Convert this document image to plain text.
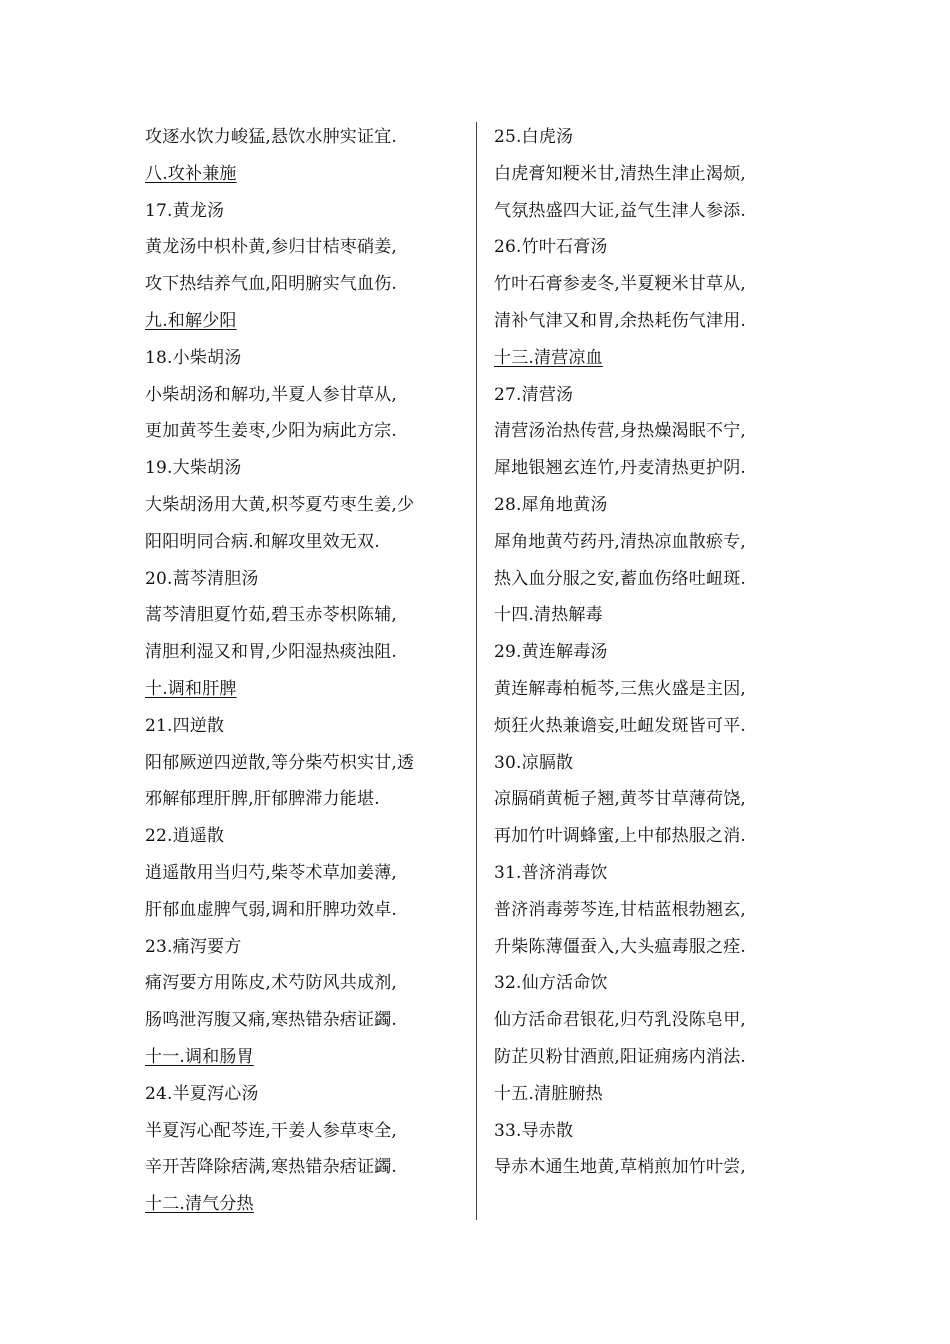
攻逐水饮力峻猛,悬饮水肿实证宜.
八.攻补兼施
17.黄龙汤
黄龙汤中枳朴黄,参归甘桔枣硝姜,
攻下热结养气血,阳明腑实气血伤.
九.和解少阳
18.小柴胡汤
小柴胡汤和解功,半夏人参甘草从,
更加黄芩生姜枣,少阳为病此方宗.
19.大柴胡汤
大柴胡汤用大黄,枳芩夏芍枣生姜,少
阳阳明同合病.和解攻里效无双.
20.蒿芩清胆汤
蒿芩清胆夏竹茹,碧玉赤苓枳陈辅,
清胆利湿又和胃,少阳湿热痰浊阻.
十.调和肝脾
21.四逆散
阳郁厥逆四逆散,等分柴芍枳实甘,透
邪解郁理肝脾,肝郁脾滞力能堪.
22.逍遥散
逍遥散用当归芍,柴苓术草加姜薄,
肝郁血虚脾气弱,调和肝脾功效卓.
23.痛泻要方
痛泻要方用陈皮,术芍防风共成剂,
肠鸣泄泻腹又痛,寒热错杂痞证蠲.
十一.调和肠胃
24.半夏泻心汤
半夏泻心配芩连,干姜人参草枣全,
辛开苦降除痞满,寒热错杂痞证蠲.
十二.清气分热
25.白虎汤
白虎膏知粳米甘,清热生津止渴烦,
气氛热盛四大证,益气生津人参添.
26.竹叶石膏汤
竹叶石膏参麦冬,半夏粳米甘草从,
清补气津又和胃,余热耗伤气津用.
十三.清营凉血
27.清营汤
清营汤治热传营,身热燥渴眠不宁,
犀地银翘玄连竹,丹麦清热更护阴.
28.犀角地黄汤
犀角地黄芍药丹,清热凉血散瘀专,
热入血分服之安,蓄血伤络吐衄斑.
十四.清热解毒
29.黄连解毒汤
黄连解毒柏栀芩,三焦火盛是主因,
烦狂火热兼谵妄,吐衄发斑皆可平.
30.凉膈散
凉膈硝黄栀子翘,黄芩甘草薄荷饶,
再加竹叶调蜂蜜,上中郁热服之消.
31.普济消毒饮
普济消毒蒡芩连,甘桔蓝根勃翘玄,
升柴陈薄僵蚕入,大头瘟毒服之痊.
32.仙方活命饮
仙方活命君银花,归芍乳没陈皂甲,
防芷贝粉甘酒煎,阳证痈疡内消法.
十五.清脏腑热
33.导赤散
导赤木通生地黄,草梢煎加竹叶尝,
